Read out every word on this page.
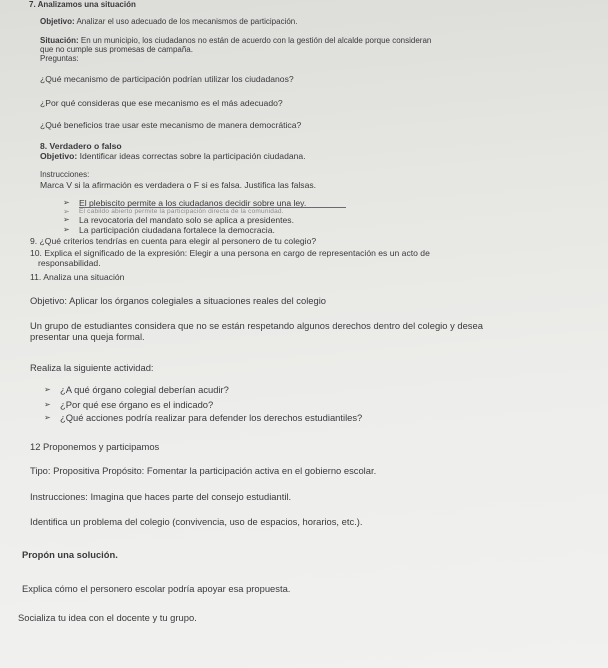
7. Analizamos una situación
Objetivo: Analizar el uso adecuado de los mecanismos de participación.
Situación: En un municipio, los ciudadanos no están de acuerdo con la gestión del alcalde porque consideran
que no cumple sus promesas de campaña.
Preguntas:
¿Qué mecanismo de participación podrían utilizar los ciudadanos?
¿Por qué consideras que ese mecanismo es el más adecuado?
¿Qué beneficios trae usar este mecanismo de manera democrática?
8. Verdadero o falso
Objetivo: Identificar ideas correctas sobre la participación ciudadana.
Instrucciones:
Marca V si la afirmación es verdadera o F si es falsa. Justifica las falsas.
➢ El plebiscito permite a los ciudadanos decidir sobre una ley.
➢ El cabildo abierto permite la participación directa de la comunidad.
➢ La revocatoria del mandato solo se aplica a presidentes.
➢ La participación ciudadana fortalece la democracia.
9. ¿Qué criterios tendrías en cuenta para elegir al personero de tu colegio?
10. Explica el significado de la expresión: Elegir a una persona en cargo de representación es un acto de
responsabilidad.
11. Analiza una situación
Objetivo: Aplicar los órganos colegiales a situaciones reales del colegio
Un grupo de estudiantes considera que no se están respetando algunos derechos dentro del colegio y desea
presentar una queja formal.
Realiza la siguiente actividad:
➢ ¿A qué órgano colegial deberían acudir?
➢ ¿Por qué ese órgano es el indicado?
➢ ¿Qué acciones podría realizar para defender los derechos estudiantiles?
12 Proponemos y participamos
Tipo: Propositiva Propósito: Fomentar la participación activa en el gobierno escolar.
Instrucciones: Imagina que haces parte del consejo estudiantil.
Identifica un problema del colegio (convivencia, uso de espacios, horarios, etc.).
Propón una solución.
Explica cómo el personero escolar podría apoyar esa propuesta.
Socializa tu idea con el docente y tu grupo.
